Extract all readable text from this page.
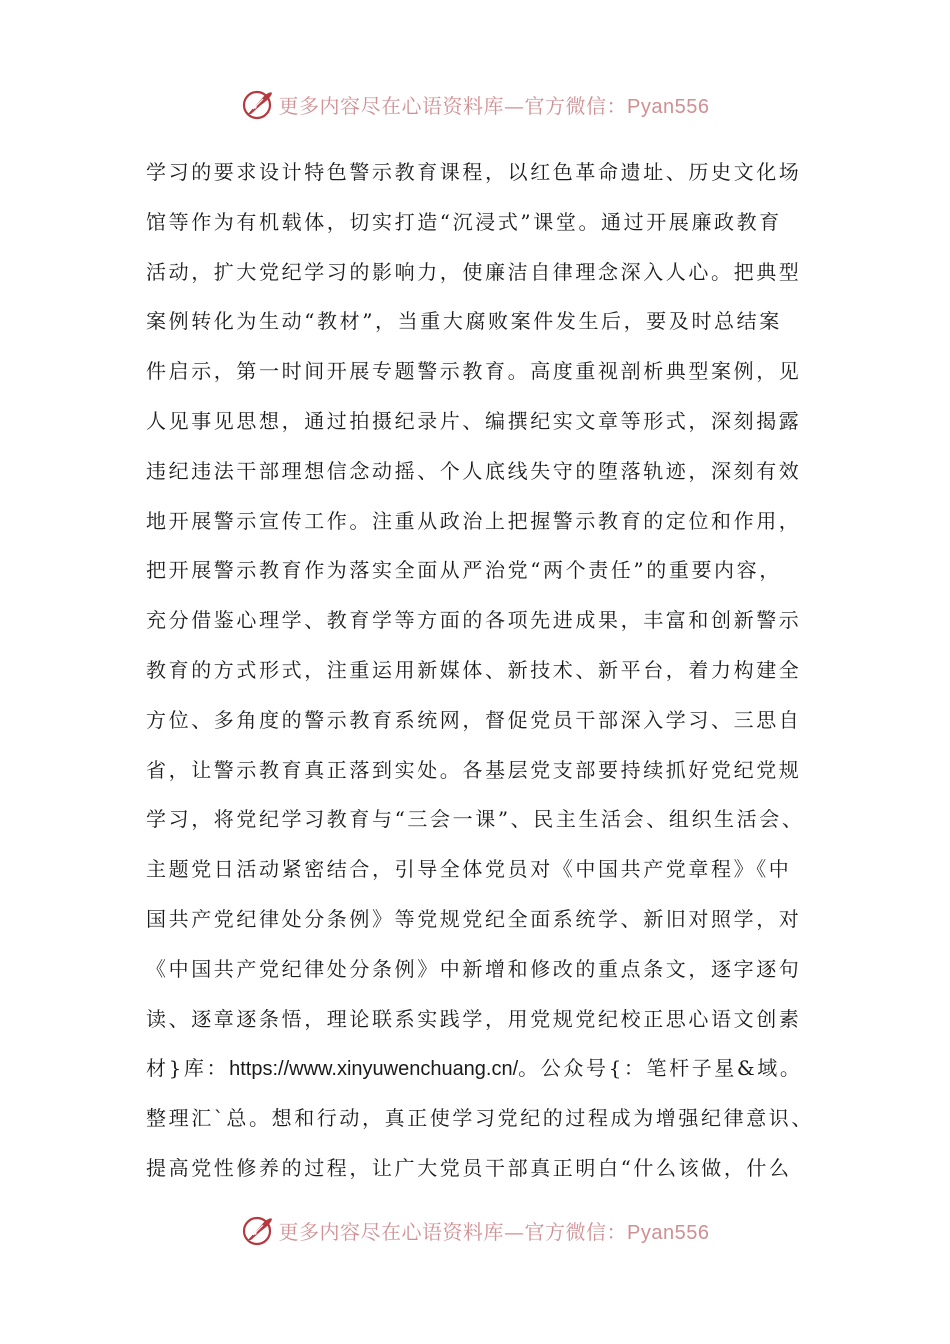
更多内容尽在心语资料库—官方微信：Pyan556
学习的要求设计特色警示教育课程，以红色革命遗址、历史文化场
馆等作为有机载体，切实打造“沉浸式”课堂。通过开展廉政教育
活动，扩大党纪学习的影响力，使廉洁自律理念深入人心。把典型
案例转化为生动“教材”，当重大腐败案件发生后，要及时总结案
件启示，第一时间开展专题警示教育。高度重视剖析典型案例，见
人见事见思想，通过拍摄纪录片、编撰纪实文章等形式，深刻揭露
违纪违法干部理想信念动摇、个人底线失守的堕落轨迹，深刻有效
地开展警示宣传工作。注重从政治上把握警示教育的定位和作用，
把开展警示教育作为落实全面从严治党“两个责任”的重要内容，
充分借鉴心理学、教育学等方面的各项先进成果，丰富和创新警示
教育的方式形式，注重运用新媒体、新技术、新平台，着力构建全
方位、多角度的警示教育系统网，督促党员干部深入学习、三思自
省，让警示教育真正落到实处。各基层党支部要持续抓好党纪党规
学习，将党纪学习教育与“三会一课”、民主生活会、组织生活会、
主题党日活动紧密结合，引导全体党员对《中国共产党章程》《中
国共产党纪律处分条例》等党规党纪全面系统学、新旧对照学，对
《中国共产党纪律处分条例》中新增和修改的重点条文，逐字逐句
读、逐章逐条悟，理论联系实践学，用党规党纪校正思心语文创素
材}库：https://www.xinyuwenchuang.cn/。公众号{：笔杆子星&域。
整理汇`总。想和行动，真正使学习党纪的过程成为增强纪律意识、
提高党性修养的过程，让广大党员干部真正明白“什么该做，什么
更多内容尽在心语资料库—官方微信：Pyan556
